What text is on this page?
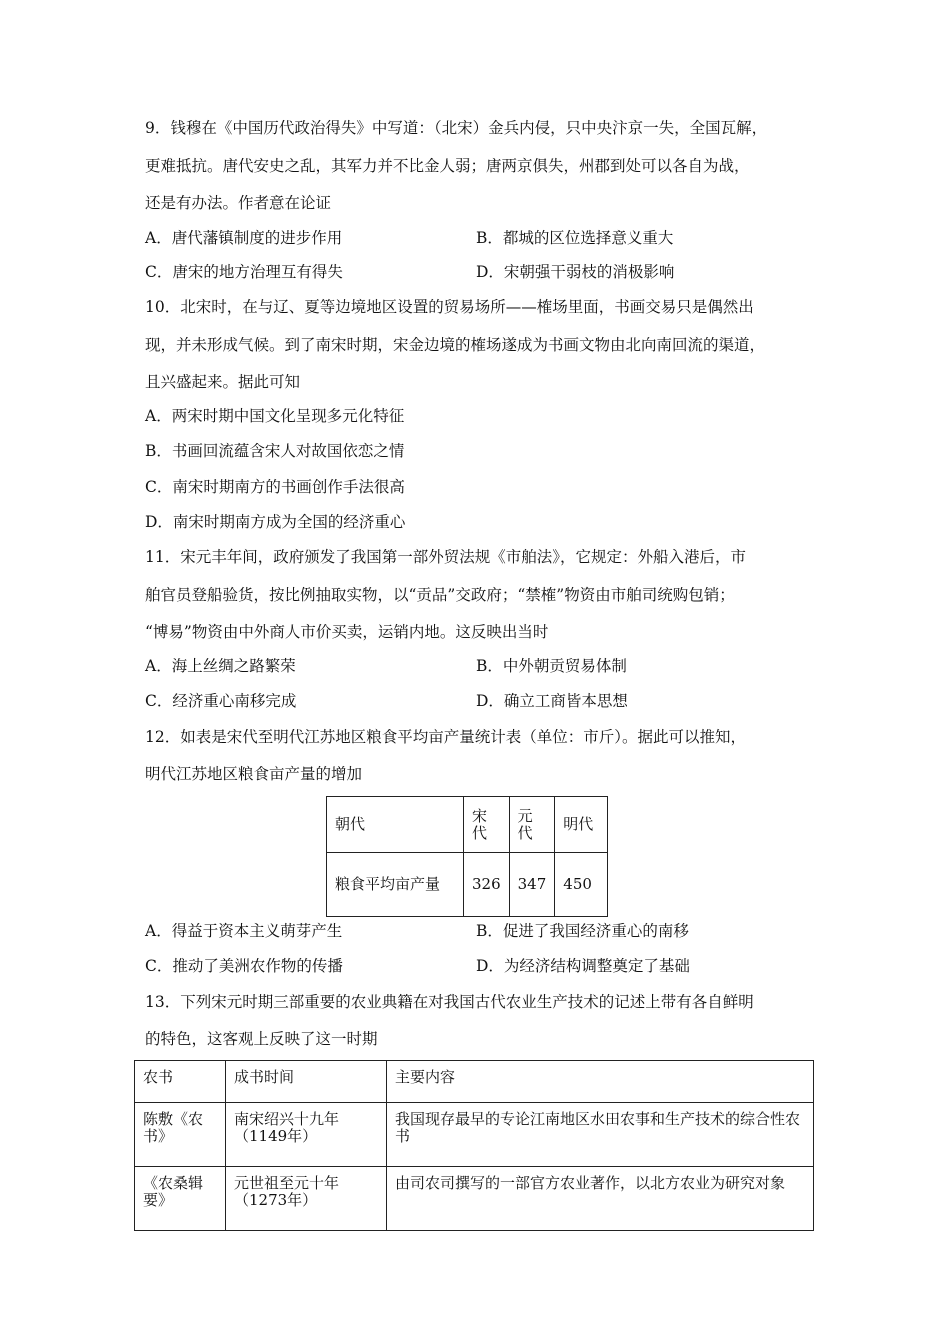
9．钱穆在《中国历代政治得失》中写道：（北宋）金兵内侵，只中央汴京一失，全国瓦解，
更难抵抗。唐代安史之乱，其军力并不比金人弱；唐两京俱失，州郡到处可以各自为战，
还是有办法。作者意在论证
A．唐代藩镇制度的进步作用	B．都城的区位选择意义重大
C．唐宋的地方治理互有得失	D．宋朝强干弱枝的消极影响
10．北宋时，在与辽、夏等边境地区设置的贸易场所——榷场里面，书画交易只是偶然出
现，并未形成气候。到了南宋时期，宋金边境的榷场遂成为书画文物由北向南回流的渠道，
且兴盛起来。据此可知
A．两宋时期中国文化呈现多元化特征
B．书画回流蕴含宋人对故国依恋之情
C．南宋时期南方的书画创作手法很高
D．南宋时期南方成为全国的经济重心
11．宋元丰年间，政府颁发了我国第一部外贸法规《市舶法》，它规定：外船入港后，市
舶官员登船验货，按比例抽取实物，以“贡品”交政府；“禁榷”物资由市舶司统购包销；
“博易”物资由中外商人市价买卖，运销内地。这反映出当时
A．海上丝绸之路繁荣	B．中外朝贡贸易体制
C．经济重心南移完成	D．确立工商皆本思想
12．如表是宋代至明代江苏地区粮食平均亩产量统计表（单位：市斤）。据此可以推知，
明代江苏地区粮食亩产量的增加
朝代	宋代	元代	明代
粮食平均亩产量	326	347	450
A．得益于资本主义萌芽产生	B．促进了我国经济重心的南移
C．推动了美洲农作物的传播	D．为经济结构调整奠定了基础
13．下列宋元时期三部重要的农业典籍在对我国古代农业生产技术的记述上带有各自鲜明
的特色，这客观上反映了这一时期
农书	成书时间	主要内容
陈敷《农书》	南宋绍兴十九年（1149年）	我国现存最早的专论江南地区水田农事和生产技术的综合性农书
《农桑辑要》	元世祖至元十年（1273年）	由司农司撰写的一部官方农业著作，以北方农业为研究对象
